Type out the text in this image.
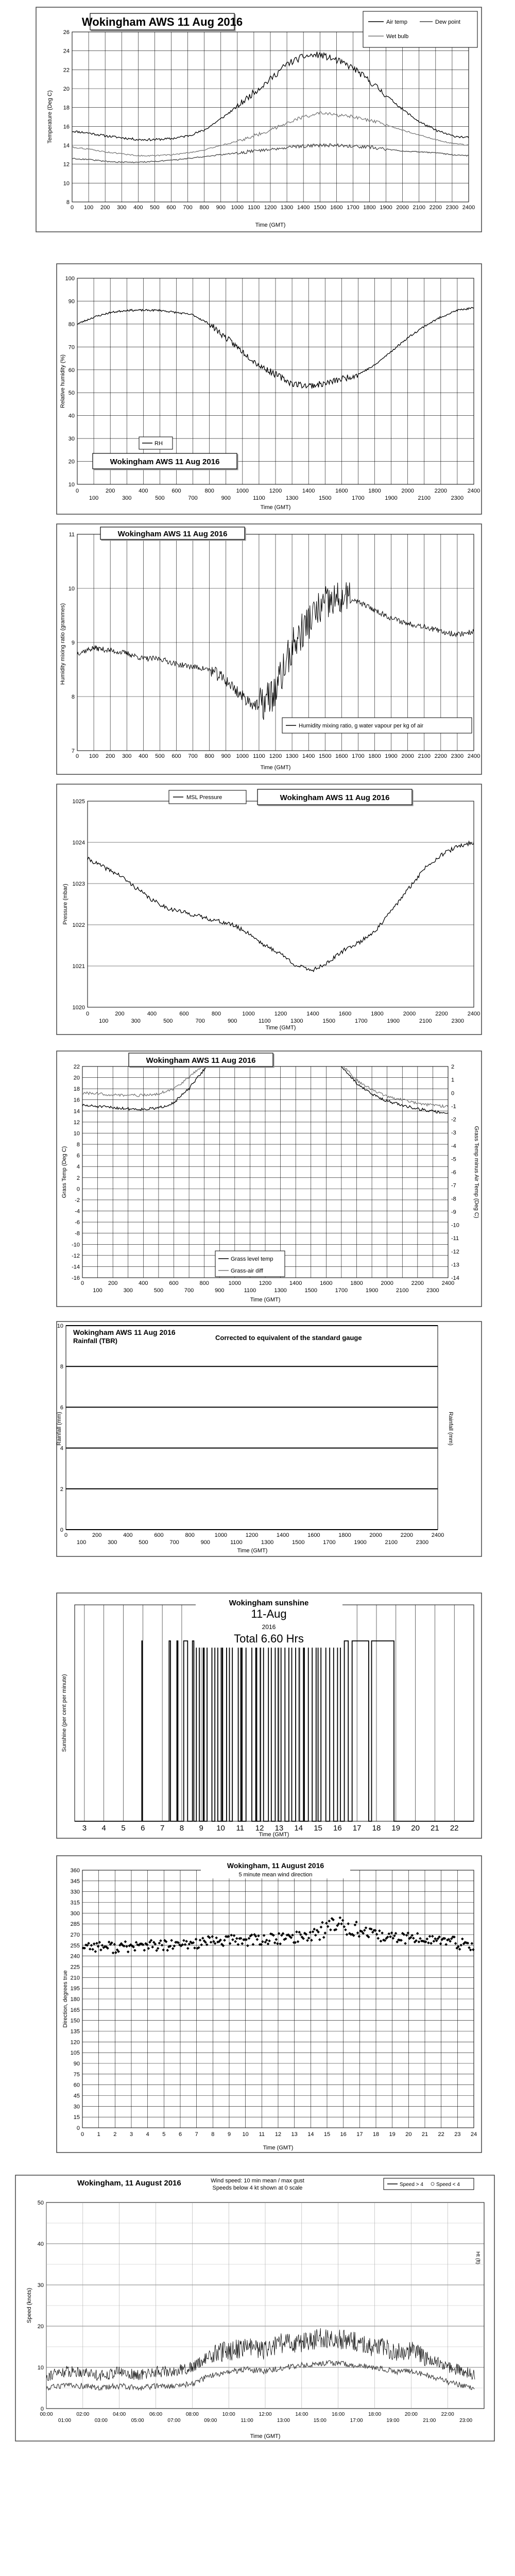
8
10
12
14
16
18
20
22
24
26
0 100 200 300 400 500 600 700 800 900 1000 1100 1200 1300 1400 1500 1600 1700 1800 1900 2000 2100 2200 2300 2400
Wokingham AWS 11 Aug 2016	Air temp	Dew point
Wet bulb
Time (GMT)
Temperature (Deg C)
10
20
30
40
50
60
70
80
90
100
0	200	400	600	800	1000	1200	1400	1600	1800	2000	2200	2400
100	300	500	700	900	1100	1300	1500	1700	1900	2100	2300
RH
Wokingham AWS 11 Aug 2016
Time (GMT)
Relative humidity (%)
7
8
9
10
11
0 100 200 300 400 500 600 700 800 900 1000 1100 1200 1300 1400 1500 1600 1700 1800 1900 2000 2100 2200 2300 2400
Wokingham AWS 11 Aug 2016
Humidity mixing ratio, g water vapour per kg of air
Time (GMT)
Humidity mixing ratio (grammes)
1020
1021
1022
1023
1024
1025
0	200	400	600	800	1000	1200	1400	1600	1800	2000	2200	2400
100	300	500	700	900	1100	1300	1500	1700	1900	2100	2300
MSL Pressure	Wokingham AWS 11 Aug 2016
Time (GMT)
Pressure (mbar)
-16
-14
-12
-10
-8
-6
-4
-2
0
2
4
6
8
10
12
14
16
18
20
22
-14
-13
-12
-11
-10
-9
-8
-7
-6
-5
-4
-3
-2
-1
0
1
2
0	200	400	600	800	1000	1200	1400	1600	1800	2000	2200	2400
100	300	500	700	900	1100	1300	1500	1700	1900	2100	2300
Wokingham AWS 11 Aug 2016
Grass level temp
Grass-air diff
Time (GMT)
Grass Temp (Deg C)	Grass Temp minus Air Temp (Deg C)
0
2
4
6
8
10
0	200	400	600	800	1000	1200	1400	1600	1800	2000	2200	2400
100	300	500	700	900	1100	1300	1500	1700	1900	2100	2300
Wokingham AWS 11 Aug 2016
Rainfall (TBR)	Corrected to equivalent of the standard gauge
Time (GMT)
Rainfall (mm)	Rainfall (mm)
3 4 5 6 7 8 9 10 11 12 13 14 15 16 17 18 19 20 21 22
Wokingham sunshine
11-Aug
2016
Total 6.60 Hrs
Time (GMT)
Sunshine (per cent per minute)
0
15
30
45
60
75
90
105
120
135
150
165
180
195
210
225
240
255
270
285
300
315
330
345
360
0 1 2 3 4 5 6 7 8 9 10 11 12 13 14 15 16 17 18 19 20 21 22 23 24
Wokingham, 11 August 2016
5 minute mean wind direction
Time (GMT)
Direction, degrees true
0
10
20
30
40
50
00:00	02:00	04:00	06:00	08:00	10:00	12:00	14:00	16:00	18:00	20:00	22:00
01:00	03:00	05:00	07:00	09:00	11:00	13:00	15:00	17:00	19:00	21:00	23:00
Wokingham, 11 August 2016	Wind speed: 10 min mean / max gust
Speeds below 4 kt shown at 0 scale
Speed > 4	Speed < 4
Ht (ft)
Time (GMT)
Speed (knots)
